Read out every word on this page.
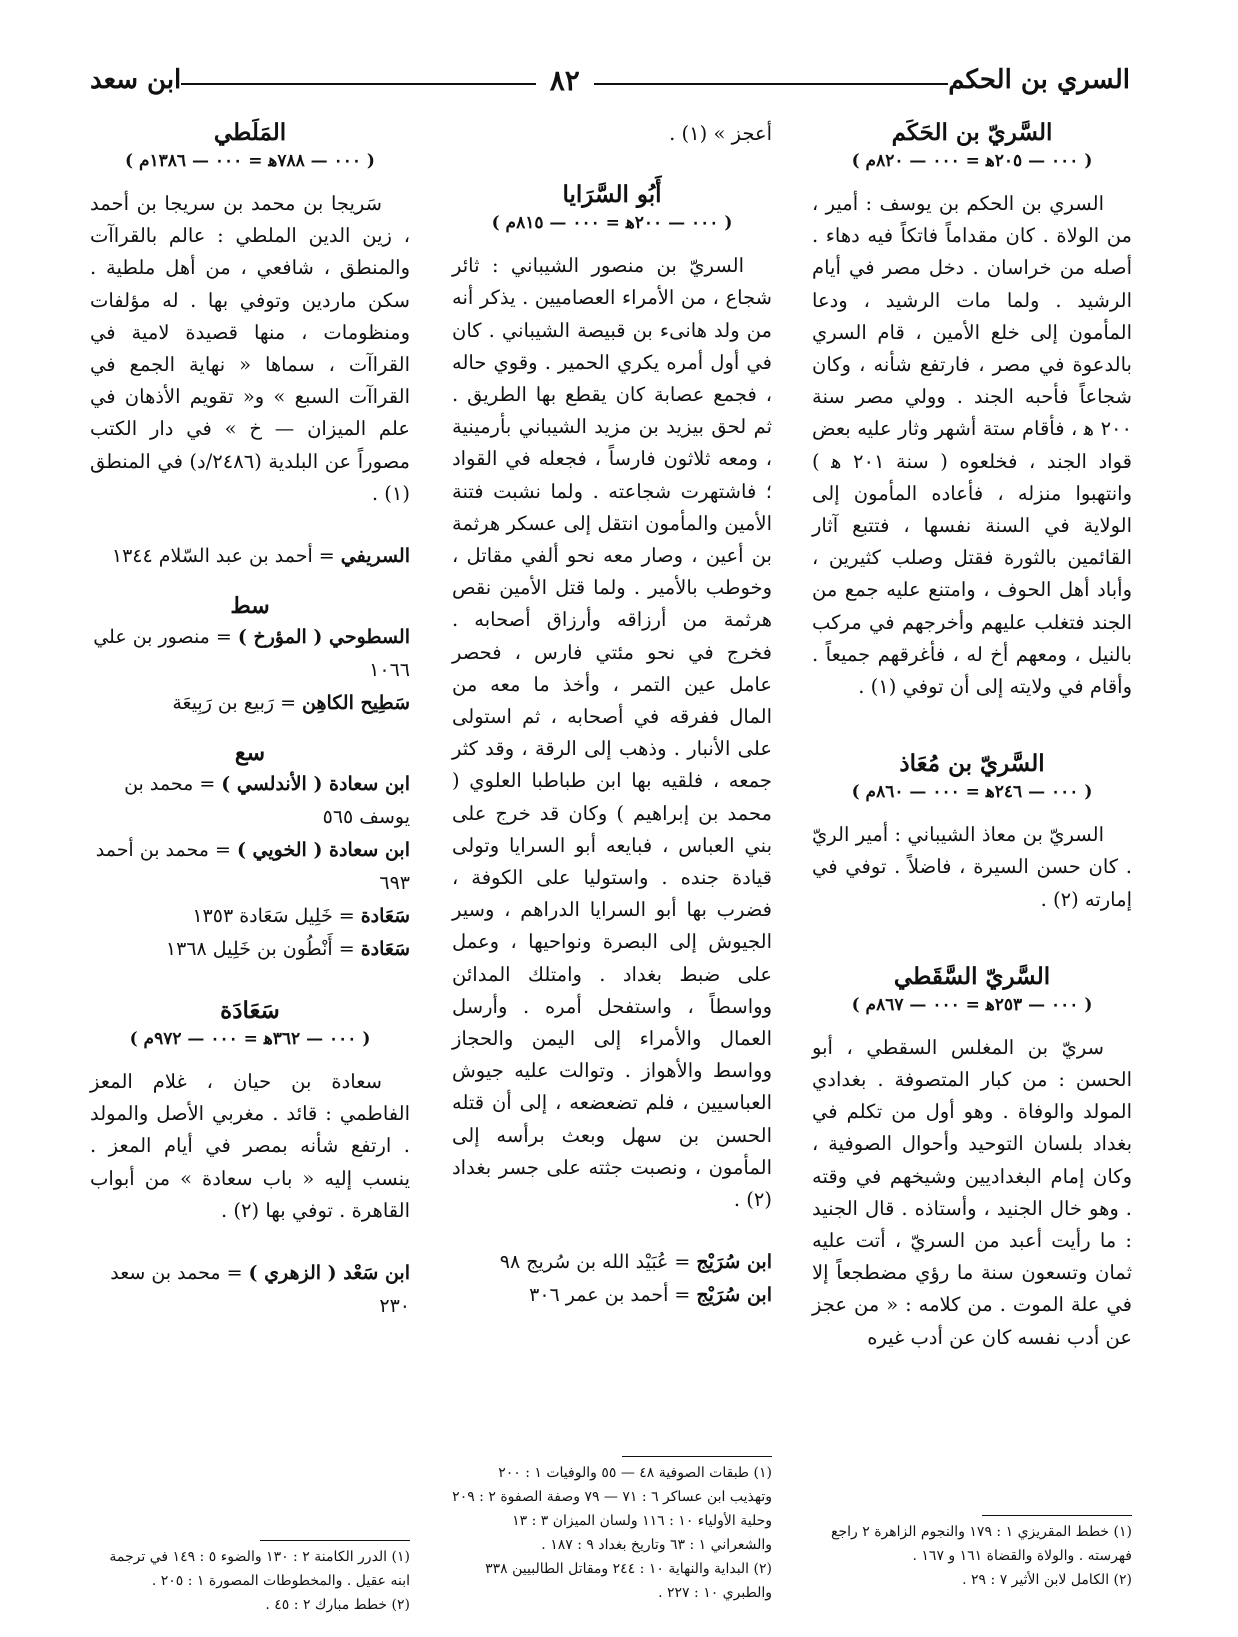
السري بن الحكم
٨٢
ابن سعد

السَّريّ بن الحَكَم

( ٠٠٠ — ٢٠٥ﻫ = ٠٠٠ — ٨٢٠م )

السري بن الحكم بن يوسف : أمير ، من الولاة . كان مقداماً فاتكاً فيه دهاء . أصله من خراسان . دخل مصر في أيام الرشيد . ولما مات الرشيد ، ودعا المأمون إلى خلع الأمين ، قام السري بالدعوة في مصر ، فارتفع شأنه ، وكان شجاعاً فأحبه الجند . وولي مصر سنة ٢٠٠ ﻫ ، فأقام ستة أشهر وثار عليه بعض قواد الجند ، فخلعوه ( سنة ٢٠١ ﻫ ) وانتهبوا منزله ، فأعاده المأمون إلى الولاية في السنة نفسها ، فتتبع آثار القائمين بالثورة فقتل وصلب كثيرين ، وأباد أهل الحوف ، وامتنع عليه جمع من الجند فتغلب عليهم وأخرجهم في مركب بالنيل ، ومعهم أخ له ، فأغرقهم جميعاً . وأقام في ولايته إلى أن توفي (١) .

السَّريّ بن مُعَاذ

( ٠٠٠ — ٢٤٦ﻫ = ٠٠٠ — ٨٦٠م )

السريّ بن معاذ الشيباني : أمير الريّ . كان حسن السيرة ، فاضلاً . توفي في إمارته (٢) .

السَّريّ السَّقَطي

( ٠٠٠ — ٢٥٣ﻫ = ٠٠٠ — ٨٦٧م )

سريّ بن المغلس السقطي ، أبو الحسن : من كبار المتصوفة . بغدادي المولد والوفاة . وهو أول من تكلم في بغداد بلسان التوحيد وأحوال الصوفية ، وكان إمام البغداديين وشيخهم في وقته . وهو خال الجنيد ، وأستاذه . قال الجنيد : ما رأيت أعبد من السريّ ، أتت عليه ثمان وتسعون سنة ما رؤي مضطجعاً إلا في علة الموت . من كلامه : « من عجز عن أدب نفسه كان عن أدب غيره

أعجز » (١) .

أَبُو السَّرَايا

( ٠٠٠ — ٢٠٠ﻫ = ٠٠٠ — ٨١٥م )

السريّ بن منصور الشيباني : ثائر شجاع ، من الأمراء العصاميين . يذكر أنه من ولد هانىء بن قبيصة الشيباني . كان في أول أمره يكري الحمير . وقوي حاله ، فجمع عصابة كان يقطع بها الطريق . ثم لحق بيزيد بن مزيد الشيباني بأرمينية ، ومعه ثلاثون فارساً ، فجعله في القواد ؛ فاشتهرت شجاعته . ولما نشبت فتنة الأمين والمأمون انتقل إلى عسكر هرثمة بن أعين ، وصار معه نحو ألفي مقاتل ، وخوطب بالأمير . ولما قتل الأمين نقص هرثمة من أرزاقه وأرزاق أصحابه . فخرج في نحو مئتي فارس ، فحصر عامل عين التمر ، وأخذ ما معه من المال ففرقه في أصحابه ، ثم استولى على الأنبار . وذهب إلى الرقة ، وقد كثر جمعه ، فلقيه بها ابن طباطبا العلوي ( محمد بن إبراهيم ) وكان قد خرج على بني العباس ، فبايعه أبو السرايا وتولى قيادة جنده . واستوليا على الكوفة ، فضرب بها أبو السرايا الدراهم ، وسير الجيوش إلى البصرة ونواحيها ، وعمل على ضبط بغداد . وامتلك المدائن وواسطاً ، واستفحل أمره . وأرسل العمال والأمراء إلى اليمن والحجاز وواسط والأهواز . وتوالت عليه جيوش العباسيين ، فلم تضعضعه ، إلى أن قتله الحسن بن سهل وبعث برأسه إلى المأمون ، ونصبت جثته على جسر بغداد (٢) .

ابن سُرَيْج = عُبَيْد الله بن سُريج ٩٨

ابن سُرَيْج = أحمد بن عمر ٣٠٦

المَلَطي

( ٠٠٠ — ٧٨٨ﻫ = ٠٠٠ — ١٣٨٦م )

سَريجا بن محمد بن سريجا بن أحمد ، زين الدين الملطي : عالم بالقراآت والمنطق ، شافعي ، من أهل ملطية . سكن ماردين وتوفي بها . له مؤلفات ومنظومات ، منها قصيدة لامية في القراآت ، سماها « نهاية الجمع في القراآت السبع » و« تقويم الأذهان في علم الميزان — خ » في دار الكتب مصوراً عن البلدية (٢٤٨٦/د) في المنطق (١) .

السريفي = أحمد بن عبد السّلام ١٣٤٤

سط

السطوحي ( المؤرخ ) = منصور بن علي ١٠٦٦

سَطِيح الكاهِن = رَبيع بن رَبِيعَة

سع

ابن سعادة ( الأندلسي ) = محمد بن يوسف ٥٦٥

ابن سعادة ( الخويي ) = محمد بن أحمد ٦٩٣

سَعَادة = خَلِيل سَعَادة ١٣٥٣

سَعَادة = أَنْطُون بن خَلِيل ١٣٦٨

سَعَادَة

( ٠٠٠ — ٣٦٢ﻫ = ٠٠٠ — ٩٧٢م )

سعادة بن حيان ، غلام المعز الفاطمي : قائد . مغربي الأصل والمولد . ارتفع شأنه بمصر في أيام المعز . ينسب إليه « باب سعادة » من أبواب القاهرة . توفي بها (٢) .

ابن سَعْد ( الزهري ) = محمد بن سعد ٢٣٠

(١) خطط المقريزي ١ : ١٧٩ والنجوم الزاهرة ٢ راجع فهرسته . والولاة والقضاة ١٦١ و ١٦٧ .

(٢) الكامل لابن الأثير ٧ : ٢٩ .

(١) طبقات الصوفية ٤٨ — ٥٥ والوفيات ١ : ٢٠٠ وتهذيب ابن عساكر ٦ : ٧١ — ٧٩ وصفة الصفوة ٢ : ٢٠٩ وحلية الأولياء ١٠ : ١١٦ ولسان الميزان ٣ : ١٣ والشعراني ١ : ٦٣ وتاريخ بغداد ٩ : ١٨٧ .

(٢) البداية والنهاية ١٠ : ٢٤٤ ومقاتل الطالبيين ٣٣٨ والطبري ١٠ : ٢٢٧ .

(١) الدرر الكامنة ٢ : ١٣٠ والضوء ٥ : ١٤٩ في ترجمة ابنه عقيل . والمخطوطات المصورة ١ : ٢٠٥ .

(٢) خطط مبارك ٢ : ٤٥ .
